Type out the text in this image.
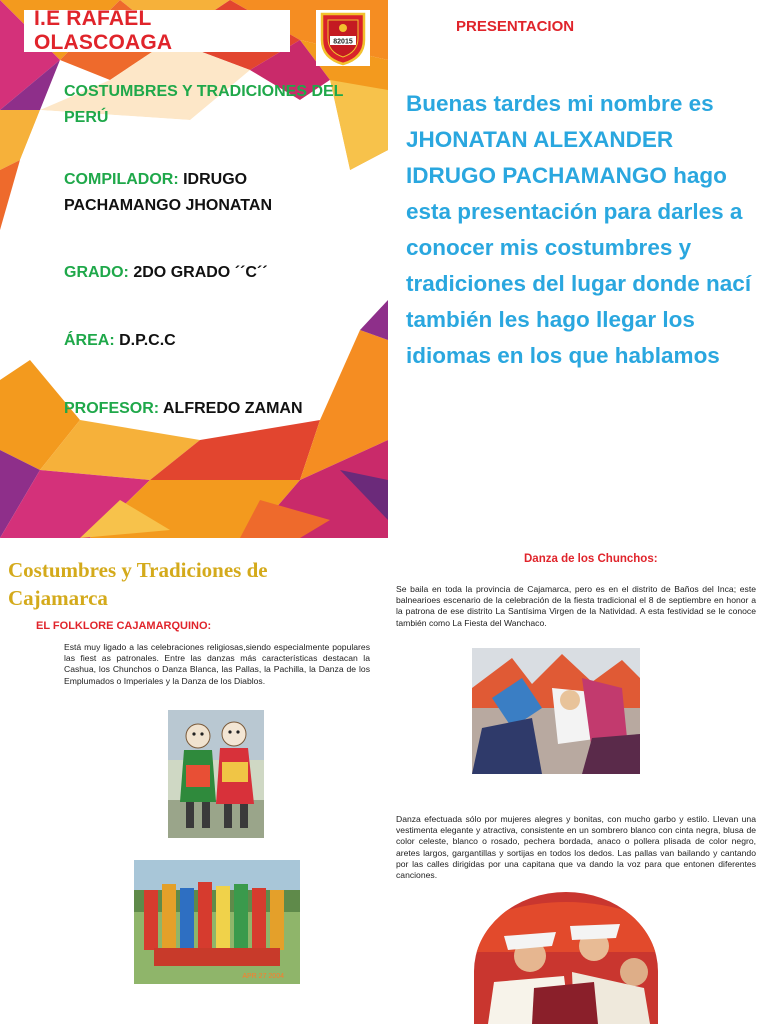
I.E RAFAEL OLASCOAGA	82015
COSTUMBRES Y TRADICIONES DEL PERÚ
COMPILADOR: IDRUGO PACHAMANGO JHONATAN
GRADO: 2DO GRADO ´´C´´
ÁREA: D.P.C.C
PROFESOR: ALFREDO ZAMAN
PRESENTACION
Buenas tardes mi nombre es JHONATAN ALEXANDER IDRUGO PACHAMANGO hago esta presentación para darles a conocer mis costumbres y tradiciones del lugar donde nací también les hago llegar los idiomas en los que hablamos
Costumbres y Tradiciones de Cajamarca
EL FOLKLORE CAJAMARQUINO:
Está muy ligado a las celebraciones religiosas,siendo especialmente populares las fiest as patronales. Entre las danzas más características destacan la Cashua, los Chunchos o Danza Blanca, las Pallas, la Pachilla, la Danza de los Emplumados o Imperiales y la Danza de los Diablos.
APR 27 2004
Danza de los Chunchos:
Se baila en toda la provincia de Cajamarca, pero es en el distrito de Baños del Inca; este balnearioes escenario de la celebración de la fiesta tradicional el 8 de septiembre en honor a la patrona de ese distrito La Santísima Virgen de la Natividad. A esta festividad se le conoce también como La Fiesta del Wanchaco.
Danza efectuada sólo por mujeres alegres y bonitas, con mucho garbo y estilo. Llevan una vestimenta elegante y atractiva, consistente en un sombrero blanco con cinta negra, blusa de color celeste, blanco o rosado, pechera bordada, anaco o pollera plisada de color negro, aretes largos, gargantillas y sortijas en todos los dedos. Las pallas van bailando y cantando por las calles dirigidas por una capitana que va dando la voz para que entonen diferentes canciones.
